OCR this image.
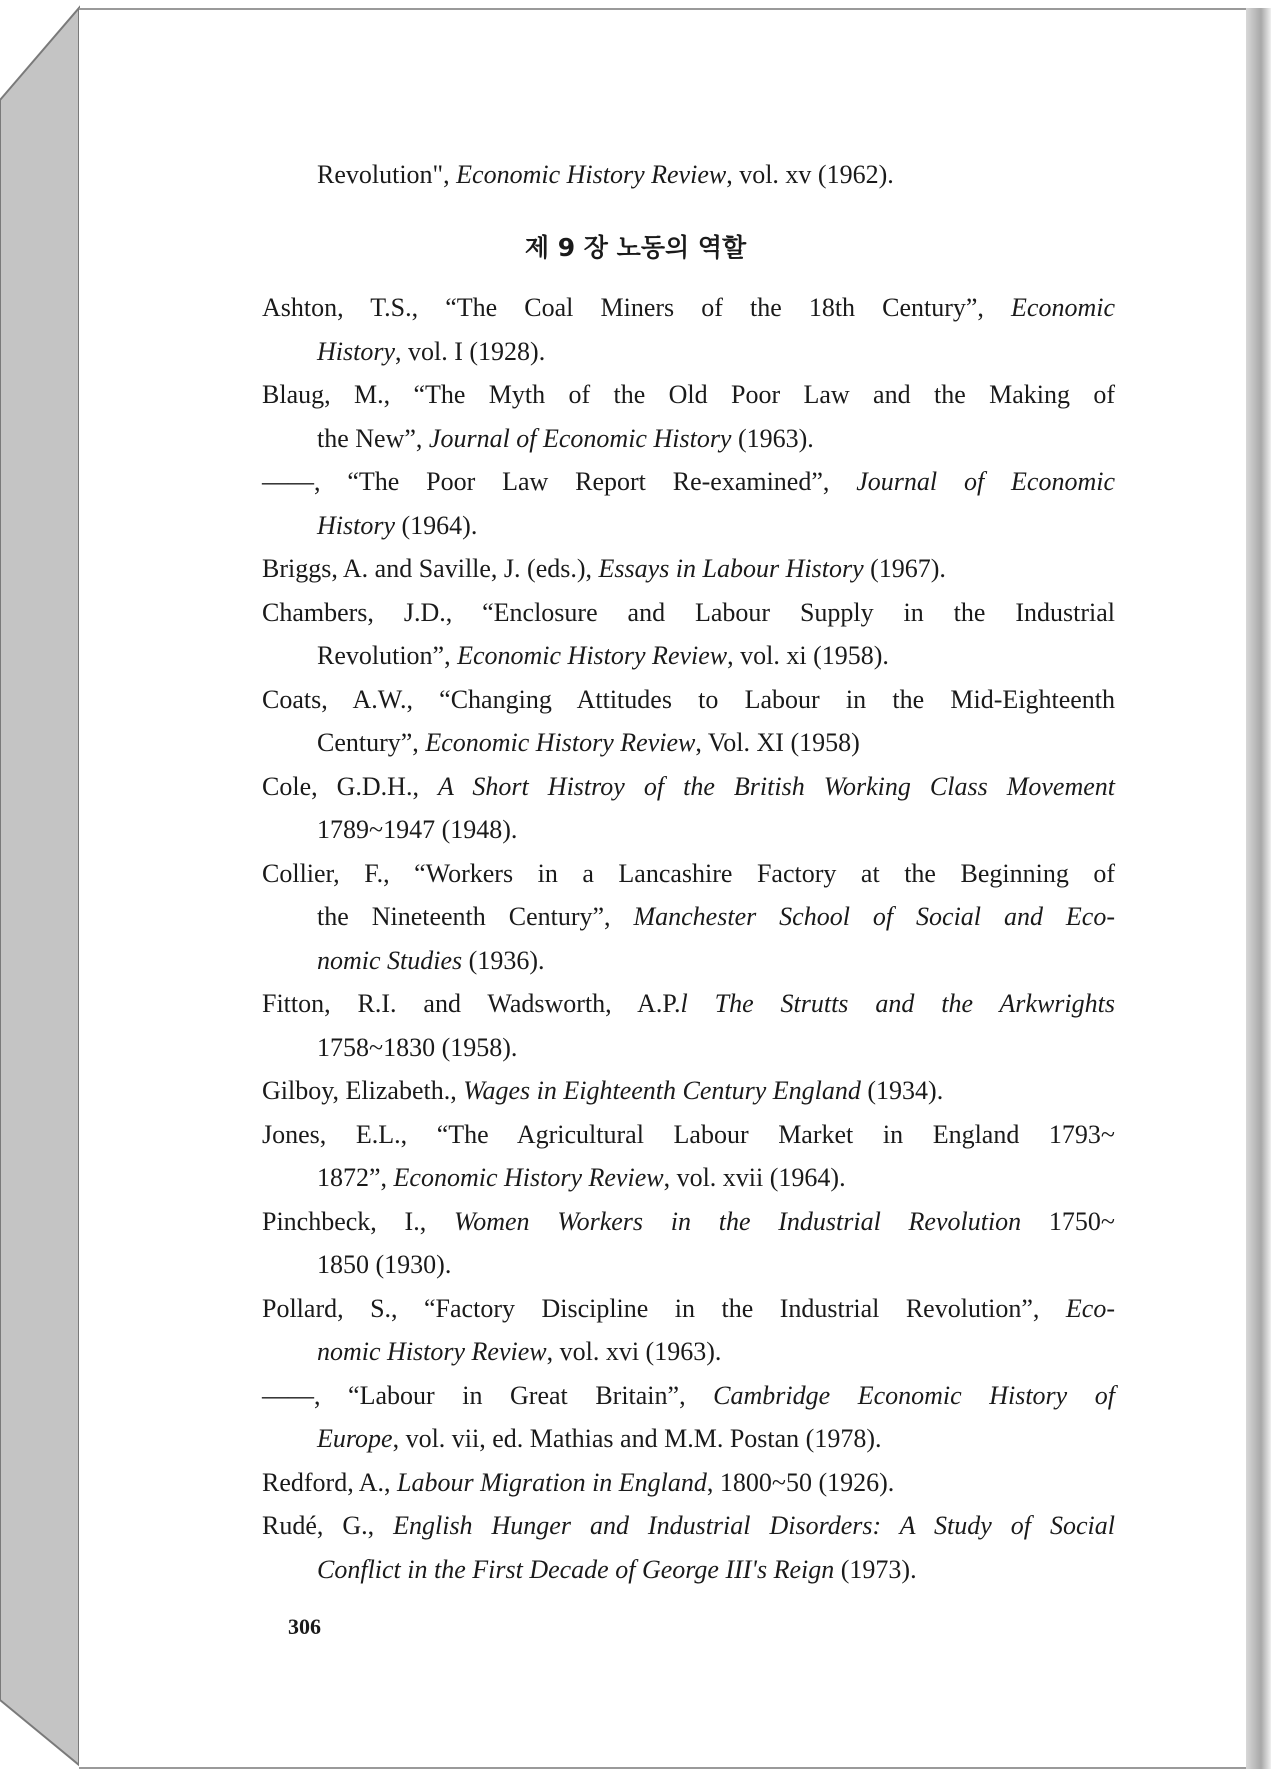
Revolution", Economic History Review, vol. xv (1962).
Ashton, T.S., “The Coal Miners of the 18th Century”, Economic
History, vol. I (1928).
Blaug, M., “The Myth of the Old Poor Law and the Making of
the New”, Journal of Economic History (1963).
——, “The Poor Law Report Re-examined”, Journal of Economic
History (1964).
Briggs, A. and Saville, J. (eds.), Essays in Labour History (1967).
Chambers, J.D., “Enclosure and Labour Supply in the Industrial
Revolution”, Economic History Review, vol. xi (1958).
Coats, A.W., “Changing Attitudes to Labour in the Mid-Eighteenth
Century”, Economic History Review, Vol. XI (1958)
Cole, G.D.H., A Short Histroy of the British Working Class Movement
1789~1947 (1948).
Collier, F., “Workers in a Lancashire Factory at the Beginning of
the Nineteenth Century”, Manchester School of Social and Eco-
nomic Studies (1936).
Fitton, R.I. and Wadsworth, A.P.l The Strutts and the Arkwrights
1758~1830 (1958).
Gilboy, Elizabeth., Wages in Eighteenth Century England (1934).
Jones, E.L., “The Agricultural Labour Market in England 1793~
1872”, Economic History Review, vol. xvii (1964).
Pinchbeck, I., Women Workers in the Industrial Revolution 1750~
1850 (1930).
Pollard, S., “Factory Discipline in the Industrial Revolution”, Eco-
nomic History Review, vol. xvi (1963).
——, “Labour in Great Britain”, Cambridge Economic History of
Europe, vol. vii, ed. Mathias and M.M. Postan (1978).
Redford, A., Labour Migration in England, 1800~50 (1926).
Rudé, G., English Hunger and Industrial Disorders: A Study of Social
Conflict in the First Decade of George III's Reign (1973).
제 9 장 노동의 역할
306
